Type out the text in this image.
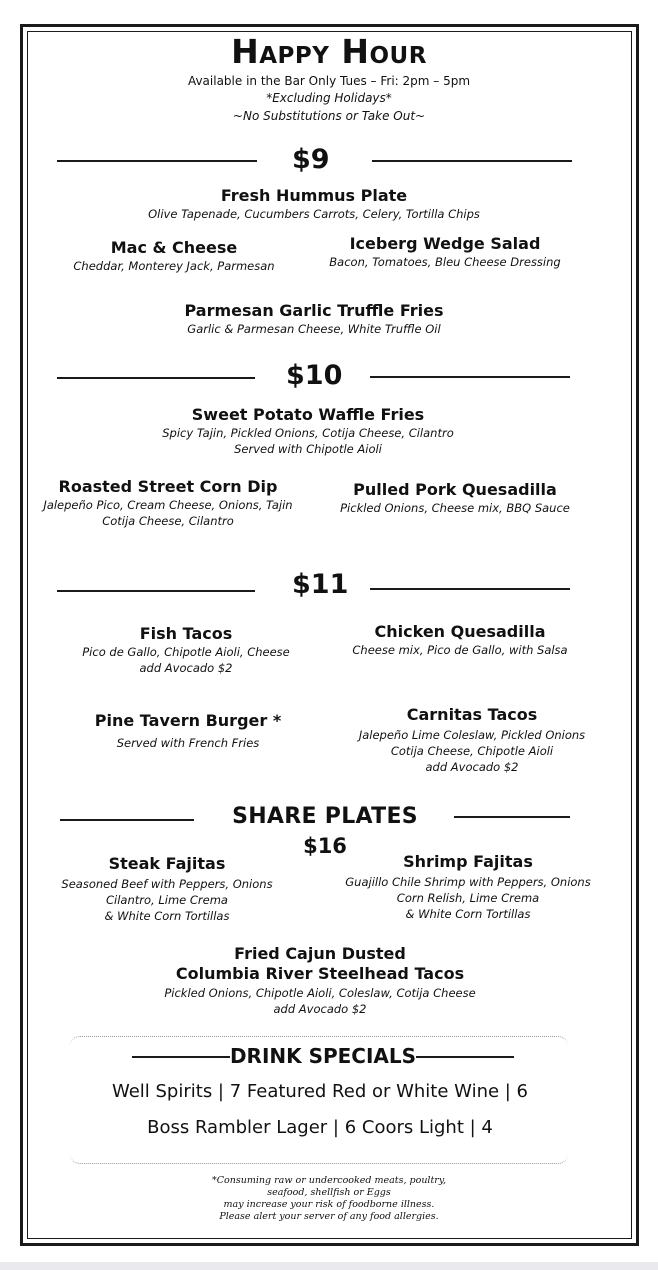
Happy Hour
Available in the Bar Only Tues – Fri: 2pm – 5pm
*Excluding Holidays*
~No Substitutions or Take Out~
$9
Fresh Hummus Plate
Olive Tapenade, Cucumbers Carrots, Celery, Tortilla Chips
Mac & Cheese
Cheddar, Monterey Jack, Parmesan
Iceberg Wedge Salad
Bacon, Tomatoes, Bleu Cheese Dressing
Parmesan Garlic Truffle Fries
Garlic & Parmesan Cheese, White Truffle Oil
$10
Sweet Potato Waffle Fries
Spicy Tajin, Pickled Onions, Cotija Cheese, Cilantro
Served with Chipotle Aioli
Roasted Street Corn Dip
Jalepeño Pico, Cream Cheese, Onions, Tajin
Cotija Cheese, Cilantro
Pulled Pork Quesadilla
Pickled Onions, Cheese mix, BBQ Sauce
$11
Fish Tacos
Pico de Gallo, Chipotle Aioli, Cheese
add Avocado $2
Chicken Quesadilla
Cheese mix, Pico de Gallo, with Salsa
Pine Tavern Burger *
Served with French Fries
Carnitas Tacos
Jalepeño Lime Coleslaw, Pickled Onions
Cotija Cheese, Chipotle Aioli
add Avocado $2
SHARE PLATES
$16
Steak Fajitas
Seasoned Beef with Peppers, Onions
Cilantro, Lime Crema
& White Corn Tortillas
Shrimp Fajitas
Guajillo Chile Shrimp with Peppers, Onions
Corn Relish, Lime Crema
& White Corn Tortillas
Fried Cajun Dusted
Columbia River Steelhead Tacos
Pickled Onions, Chipotle Aioli, Coleslaw, Cotija Cheese
add Avocado $2
DRINK SPECIALS
Well Spirits | 7 Featured Red or White Wine | 6
Boss Rambler Lager | 6 Coors Light | 4
*Consuming raw or undercooked meats, poultry,
seafood, shellfish or Eggs
may increase your risk of foodborne illness.
Please alert your server of any food allergies.
